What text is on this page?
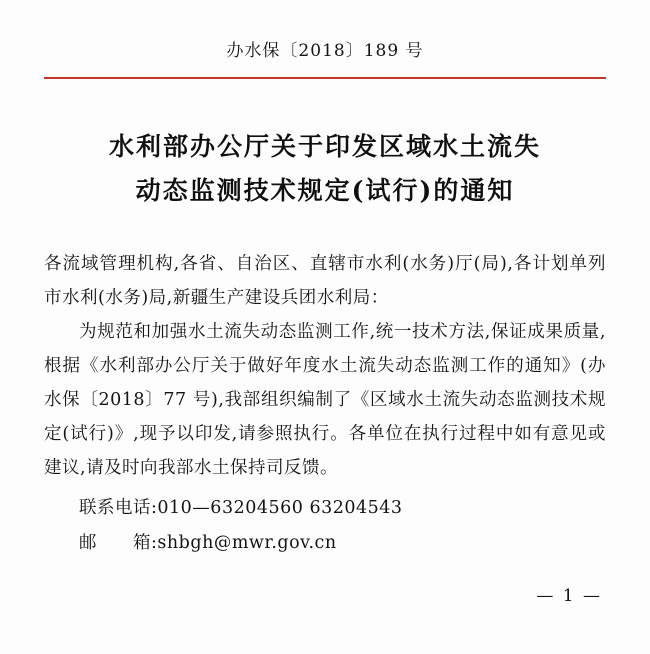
办水保〔2018〕189 号
水利部办公厅关于印发区域水土流失
动态监测技术规定(试行)的通知
各流域管理机构,各省、自治区、直辖市水利(水务)厅(局),各计划单列市水利(水务)局,新疆生产建设兵团水利局：
为规范和加强水土流失动态监测工作,统一技术方法,保证成果质量,根据《水利部办公厅关于做好年度水土流失动态监测工作的通知》(办水保〔2018〕77 号),我部组织编制了《区域水土流失动态监测技术规定(试行)》,现予以印发,请参照执行。各单位在执行过程中如有意见或建议,请及时向我部水土保持司反馈。
联系电话:010—63204560 63204543
邮 箱:shbgh@mwr.gov.cn
— 1 —
